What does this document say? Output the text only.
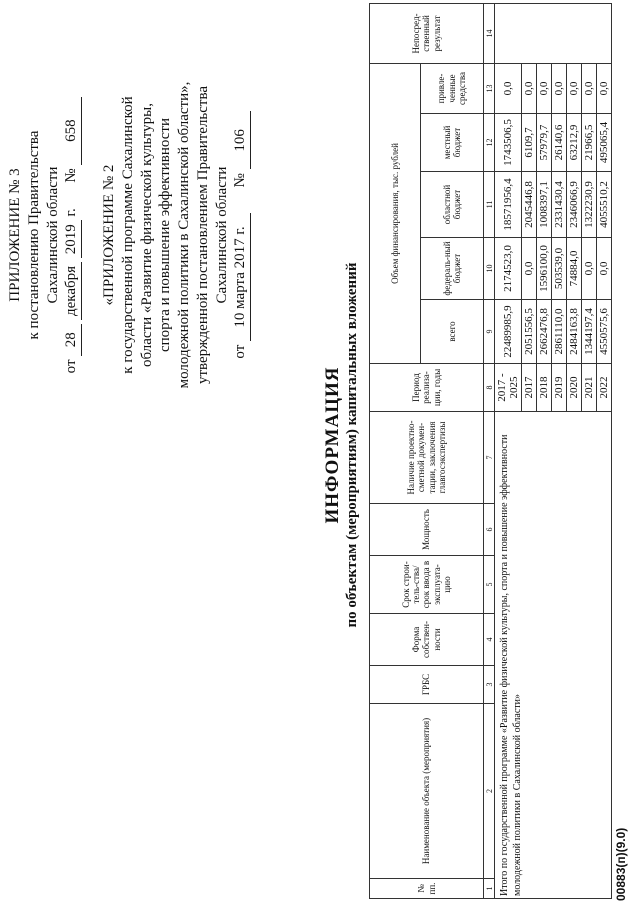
ПРИЛОЖЕНИЕ № 3 к постановлению Правительства Сахалинской области
от 28 декабря 2019 г.  № 658
«ПРИЛОЖЕНИЕ № 2 к государственной программе Сахалинской области «Развитие физической культуры, спорта и повышение эффективности молодежной политики в Сахалинской области», утвержденной постановлением Правительства Сахалинской области
от 10 марта 2017 г.  № 106
ИНФОРМАЦИЯ по объектам (мероприятиям) капитальных вложений
№ пп.	Наименование объекта (мероприятия)	ГРБС	Форма собствен-ности	Срок строи-тель-ства/срок ввода в эксплуата-цию	Мощность	Наличие проектно-сметной докумен-тации, заключения главгосэкспертизы	Период реализа-ции, годы	Объем финансирования, тыс. рублей					Непосред-ственный результат
								всего	федераль-ный бюджет	областной бюджет	местный бюджет	привле-ченные средства	
1	2	3	4	5	6	7	8	9	10	11	12	13	14
Итого по государственной программе «Развитие физической культуры, спорта и повышение эффективности молодежной политики в Сахалинской области»							2017 - 2025	22489985,9	2174523,0	18571956,4	1743506,5	0,0	
							2017	2051556,5	0,0	2045446,8	6109,7	0,0	
							2018	2662476,8	1596100,0	1008397,1	57979,7	0,0	
							2019	2861110,0	503539,0	2331430,4	26140,6	0,0	
							2020	2484163,8	74884,0	2346066,9	63212,9	0,0	
							2021	1344197,4	0,0	1322230,9	21966,5	0,0	
							2022	4550575,6	0,0	4055510,2	495065,4	0,0	
00883(п)(9.0)
